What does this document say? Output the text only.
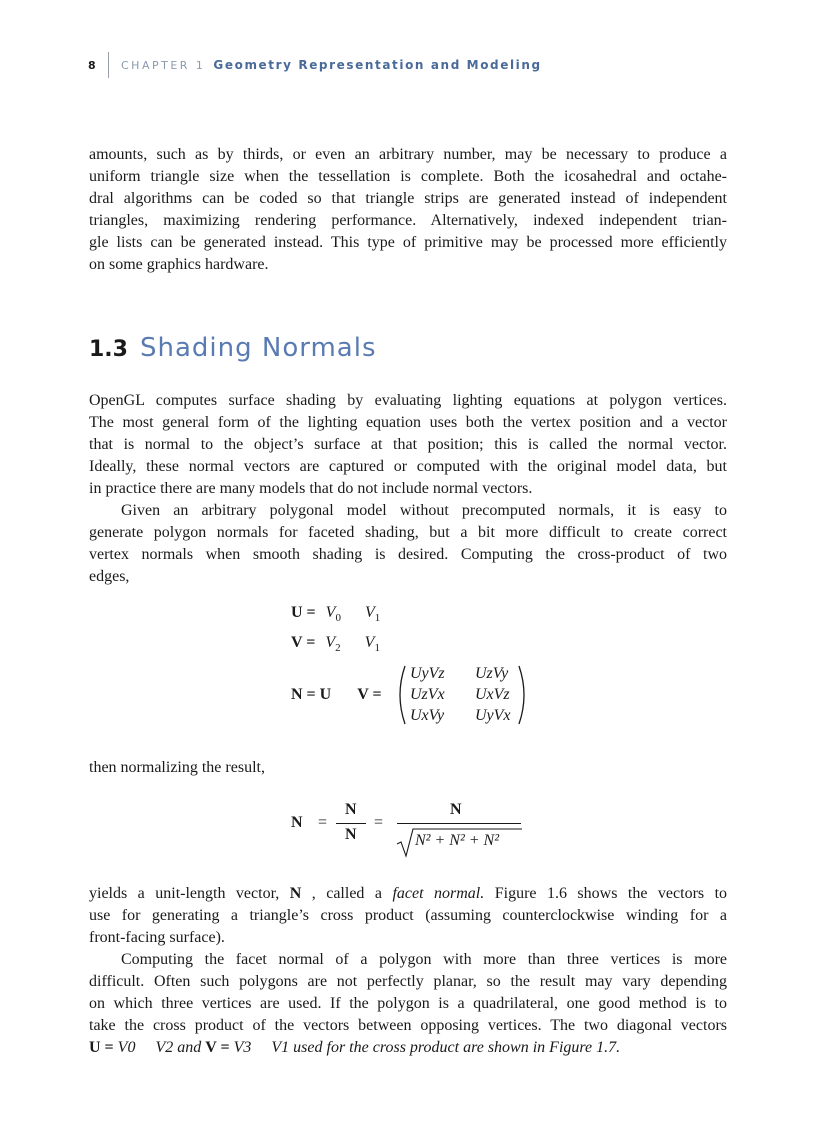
8	CHAPTER 1 Geometry Representation and Modeling
amounts, such as by thirds, or even an arbitrary number, may be necessary to produce a
uniform triangle size when the tessellation is complete. Both the icosahedral and octahe-
dral algorithms can be coded so that triangle strips are generated instead of independent
triangles, maximizing rendering performance. Alternatively, indexed independent trian-
gle lists can be generated instead. This type of primitive may be processed more efficiently
on some graphics hardware.
1.3 Shading Normals
OpenGL computes surface shading by evaluating lighting equations at polygon vertices.
The most general form of the lighting equation uses both the vertex position and a vector
that is normal to the object’s surface at that position; this is called the normal vector.
Ideally, these normal vectors are captured or computed with the original model data, but
in practice there are many models that do not include normal vectors.
Given an arbitrary polygonal model without precomputed normals, it is easy to
generate polygon normals for faceted shading, but a bit more difficult to create correct
vertex normals when smooth shading is desired. Computing the cross-product of two
edges,
$U = V_0$ $V_1$
$V = V_2$ $V_1$
N = U V =
UyVz UzVy
UzVx UxVz
UxVy UyVx
then normalizing the result,
N =
N
N
=
N
N² + N² + N²
yields a unit-length vector, N , called a facet normal. Figure 1.6 shows the vectors to
use for generating a triangle’s cross product (assuming counterclockwise winding for a
front-facing surface).
Computing the facet normal of a polygon with more than three vertices is more
difficult. Often such polygons are not perfectly planar, so the result may vary depending
on which three vertices are used. If the polygon is a quadrilateral, one good method is to
take the cross product of the vectors between opposing vertices. The two diagonal vectors
U = V0 V2 and V = V3 V1 used for the cross product are shown in Figure 1.7.
